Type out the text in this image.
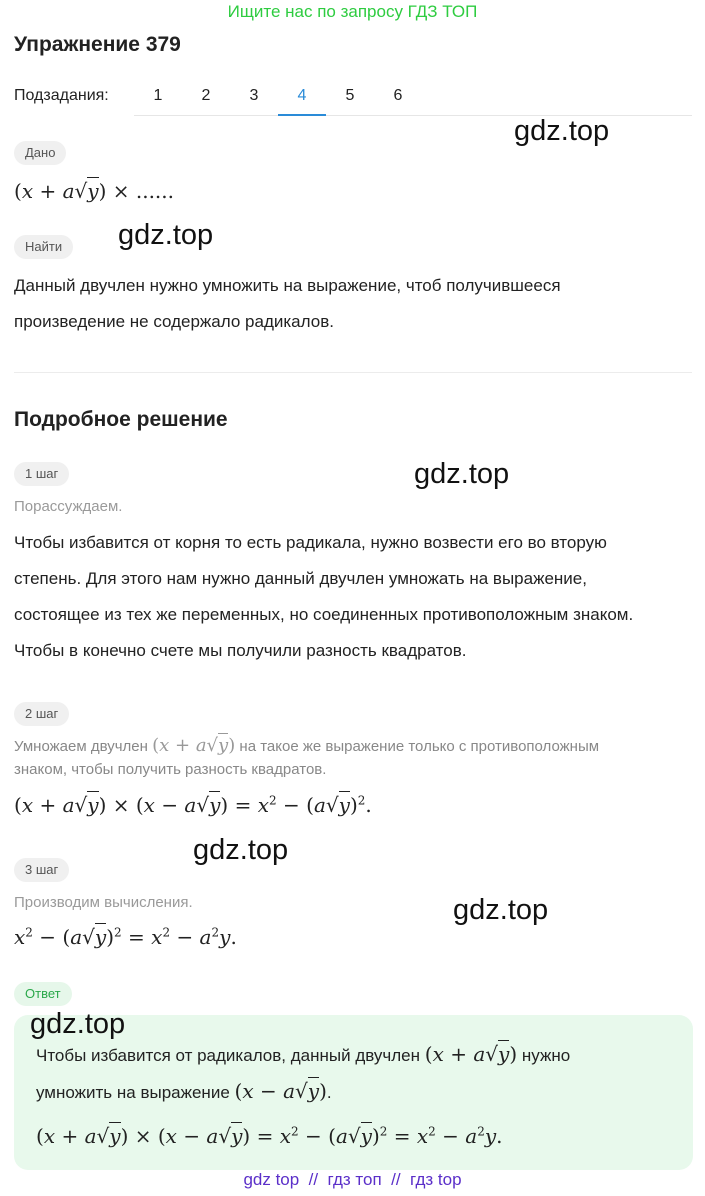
Ищите нас по запросу ГДЗ ТОП
Упражнение 379
Подзадания:	1	2	3	4	5	6
gdz.top
Дано
(x + a√y) × ......
Найти	gdz.top
Данный двучлен нужно умножить на выражение, чтоб получившееся
произведение не содержало радикалов.
Подробное решение
1 шаг	gdz.top
Порассуждаем.
Чтобы избавится от корня то есть радикала, нужно возвести его во вторую
степень. Для этого нам нужно данный двучлен умножать на выражение,
состоящее из тех же переменных, но соединенных противоположным знаком.
Чтобы в конечно счете мы получили разность квадратов.
2 шаг
Умножаем двучлен (x + a√y) на такое же выражение только с противоположным
знаком, чтобы получить разность квадратов.
$(x + a√y) \times (x - a√y) = x^2 - (a√y)^2$.
3 шаг
gdz.top
Производим вычисления.	gdz.top
$x^2 - (a√y)^2 = x^2 - a^2y$.
Ответ
gdz.top
Чтобы избавится от радикалов, данный двучлен (x + a√y) нужно
умножить на выражение (x − a√y).
$(x + a√y) \times (x - a√y) = x^2 - (a√y)^2 = x^2 - a^2y$.
gdz top  //  гдз топ  //  гдз top
